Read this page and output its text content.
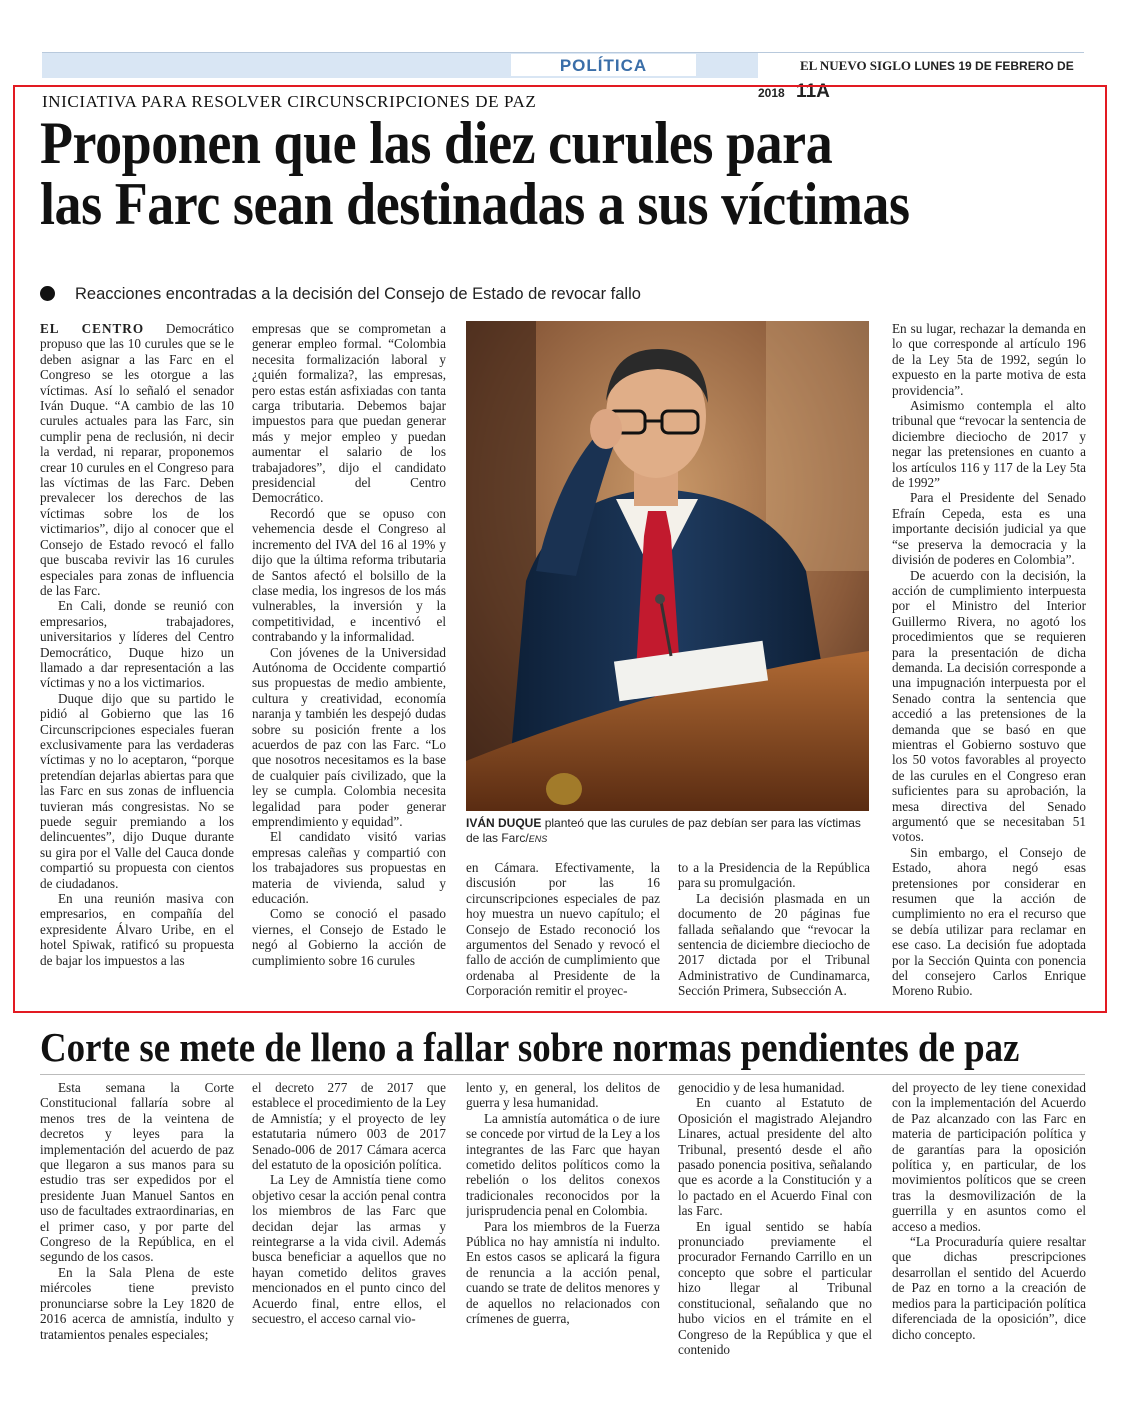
POLÍTICA	EL NUEVO SIGLO LUNES 19 DE FEBRERO DE 2018 11A
INICIATIVA PARA RESOLVER CIRCUNSCRIPCIONES DE PAZ
Proponen que las diez curules para
las Farc sean destinadas a sus víctimas
Reacciones encontradas a la decisión del Consejo de Estado de revocar fallo

EL CENTRO Democrático propuso que las 10 curules que se le deben asignar a las Farc en el Congreso se les otorgue a las víctimas. Así lo señaló el senador Iván Duque. “A cambio de las 10 curules actuales para las Farc, sin cumplir pena de reclusión, ni decir la verdad, ni reparar, proponemos crear 10 curules en el Congreso para las víctimas de las Farc. Deben prevalecer los derechos de las víctimas sobre los de los victimarios”, dijo al conocer que el Consejo de Estado revocó el fallo que buscaba revivir las 16 curules especiales para zonas de influencia de las Farc.

En Cali, donde se reunió con empresarios, trabajadores, universitarios y líderes del Centro Democrático, Duque hizo un llamado a dar representación a las víctimas y no a los victimarios.

Duque dijo que su partido le pidió al Gobierno que las 16 Circunscripciones especiales fueran exclusivamente para las verdaderas víctimas y no lo aceptaron, “porque pretendían dejarlas abiertas para que las Farc en sus zonas de influencia tuvieran más congresistas. No se puede seguir premiando a los delincuentes”, dijo Duque durante su gira por el Valle del Cauca donde compartió su propuesta con cientos de ciudadanos.

En una reunión masiva con empresarios, en compañía del expresidente Álvaro Uribe, en el hotel Spiwak, ratificó su propuesta de bajar los impuestos a las

empresas que se comprometan a generar empleo formal. “Colombia necesita formalización laboral y ¿quién formaliza?, las empresas, pero estas están asfixiadas con tanta carga tributaria. Debemos bajar impuestos para que puedan generar más y mejor empleo y puedan aumentar el salario de los trabajadores”, dijo el candidato presidencial del Centro Democrático.

Recordó que se opuso con vehemencia desde el Congreso al incremento del IVA del 16 al 19% y dijo que la última reforma tributaria de Santos afectó el bolsillo de la clase media, los ingresos de los más vulnerables, la inversión y la competitividad, e incentivó el contrabando y la informalidad.

Con jóvenes de la Universidad Autónoma de Occidente compartió sus propuestas de medio ambiente, cultura y creatividad, economía naranja y también les despejó dudas sobre su posición frente a los acuerdos de paz con las Farc. “Lo que nosotros necesitamos es la base de cualquier país civilizado, que la ley se cumpla. Colombia necesita legalidad para poder generar emprendimiento y equidad”.

El candidato visitó varias empresas caleñas y compartió con los trabajadores sus propuestas en materia de vivienda, salud y educación.

Como se conoció el pasado viernes, el Consejo de Estado le negó al Gobierno la acción de cumplimiento sobre 16 curules

IVÁN DUQUE planteó que las curules de paz debían ser para las víctimas de las Farc/ENS

en Cámara. Efectivamente, la discusión por las 16 circunscripciones especiales de paz hoy muestra un nuevo capítulo; el Consejo de Estado reconoció los argumentos del Senado y revocó el fallo de acción de cumplimiento que ordenaba al Presidente de la Corporación remitir el proyec-

to a la Presidencia de la República para su promulgación.

La decisión plasmada en un documento de 20 páginas fue fallada señalando que “revocar la sentencia de diciembre dieciocho de 2017 dictada por el Tribunal Administrativo de Cundinamarca, Sección Primera, Subsección A.

En su lugar, rechazar la demanda en lo que corresponde al artículo 196 de la Ley 5ta de 1992, según lo expuesto en la parte motiva de esta providencia”.

Asimismo contempla el alto tribunal que “revocar la sentencia de diciembre dieciocho de 2017 y negar las pretensiones en cuanto a los artículos 116 y 117 de la Ley 5ta de 1992”

Para el Presidente del Senado Efraín Cepeda, esta es una importante decisión judicial ya que “se preserva la democracia y la división de poderes en Colombia”.

De acuerdo con la decisión, la acción de cumplimiento interpuesta por el Ministro del Interior Guillermo Rivera, no agotó los procedimientos que se requieren para la presentación de dicha demanda. La decisión corresponde a una impugnación interpuesta por el Senado contra la sentencia que accedió a las pretensiones de la demanda que se basó en que mientras el Gobierno sostuvo que los 50 votos favorables al proyecto de las curules en el Congreso eran suficientes para su aprobación, la mesa directiva del Senado argumentó que se necesitaban 51 votos.

Sin embargo, el Consejo de Estado, ahora negó esas pretensiones por considerar en resumen que la acción de cumplimiento no era el recurso que se debía utilizar para reclamar en ese caso. La decisión fue adoptada por la Sección Quinta con ponencia del consejero Carlos Enrique Moreno Rubio.

Corte se mete de lleno a fallar sobre normas pendientes de paz

Esta semana la Corte Constitucional fallaría sobre al menos tres de la veintena de decretos y leyes para la implementación del acuerdo de paz que llegaron a sus manos para su estudio tras ser expedidos por el presidente Juan Manuel Santos en uso de facultades extraordinarias, en el primer caso, y por parte del Congreso de la República, en el segundo de los casos.

En la Sala Plena de este miércoles tiene previsto pronunciarse sobre la Ley 1820 de 2016 acerca de amnistía, indulto y tratamientos penales especiales;

el decreto 277 de 2017 que establece el procedimiento de la Ley de Amnistía; y el proyecto de ley estatutaria número 003 de 2017 Senado-006 de 2017 Cámara acerca del estatuto de la oposición política.

La Ley de Amnistía tiene como objetivo cesar la acción penal contra los miembros de las Farc que decidan dejar las armas y reintegrarse a la vida civil. Además busca beneficiar a aquellos que no hayan cometido delitos graves mencionados en el punto cinco del Acuerdo final, entre ellos, el secuestro, el acceso carnal vio-

lento y, en general, los delitos de guerra y lesa humanidad.

La amnistía automática o de iure se concede por virtud de la Ley a los integrantes de las Farc que hayan cometido delitos políticos como la rebelión o los delitos conexos tradicionales reconocidos por la jurisprudencia penal en Colombia.

Para los miembros de la Fuerza Pública no hay amnistía ni indulto. En estos casos se aplicará la figura de renuncia a la acción penal, cuando se trate de delitos menores y de aquellos no relacionados con crímenes de guerra,

genocidio y de lesa humanidad.

En cuanto al Estatuto de Oposición el magistrado Alejandro Linares, actual presidente del alto Tribunal, presentó desde el año pasado ponencia positiva, señalando que es acorde a la Constitución y a lo pactado en el Acuerdo Final con las Farc.

En igual sentido se había pronunciado previamente el procurador Fernando Carrillo en un concepto que sobre el particular hizo llegar al Tribunal constitucional, señalando que no hubo vicios en el trámite en el Congreso de la República y que el contenido

del proyecto de ley tiene conexidad con la implementación del Acuerdo de Paz alcanzado con las Farc en materia de participación política y de garantías para la oposición política y, en particular, de los movimientos políticos que se creen tras la desmovilización de la guerrilla y en asuntos como el acceso a medios.

“La Procuraduría quiere resaltar que dichas prescripciones desarrollan el sentido del Acuerdo de Paz en torno a la creación de medios para la participación política diferenciada de la oposición”, dice dicho concepto.
